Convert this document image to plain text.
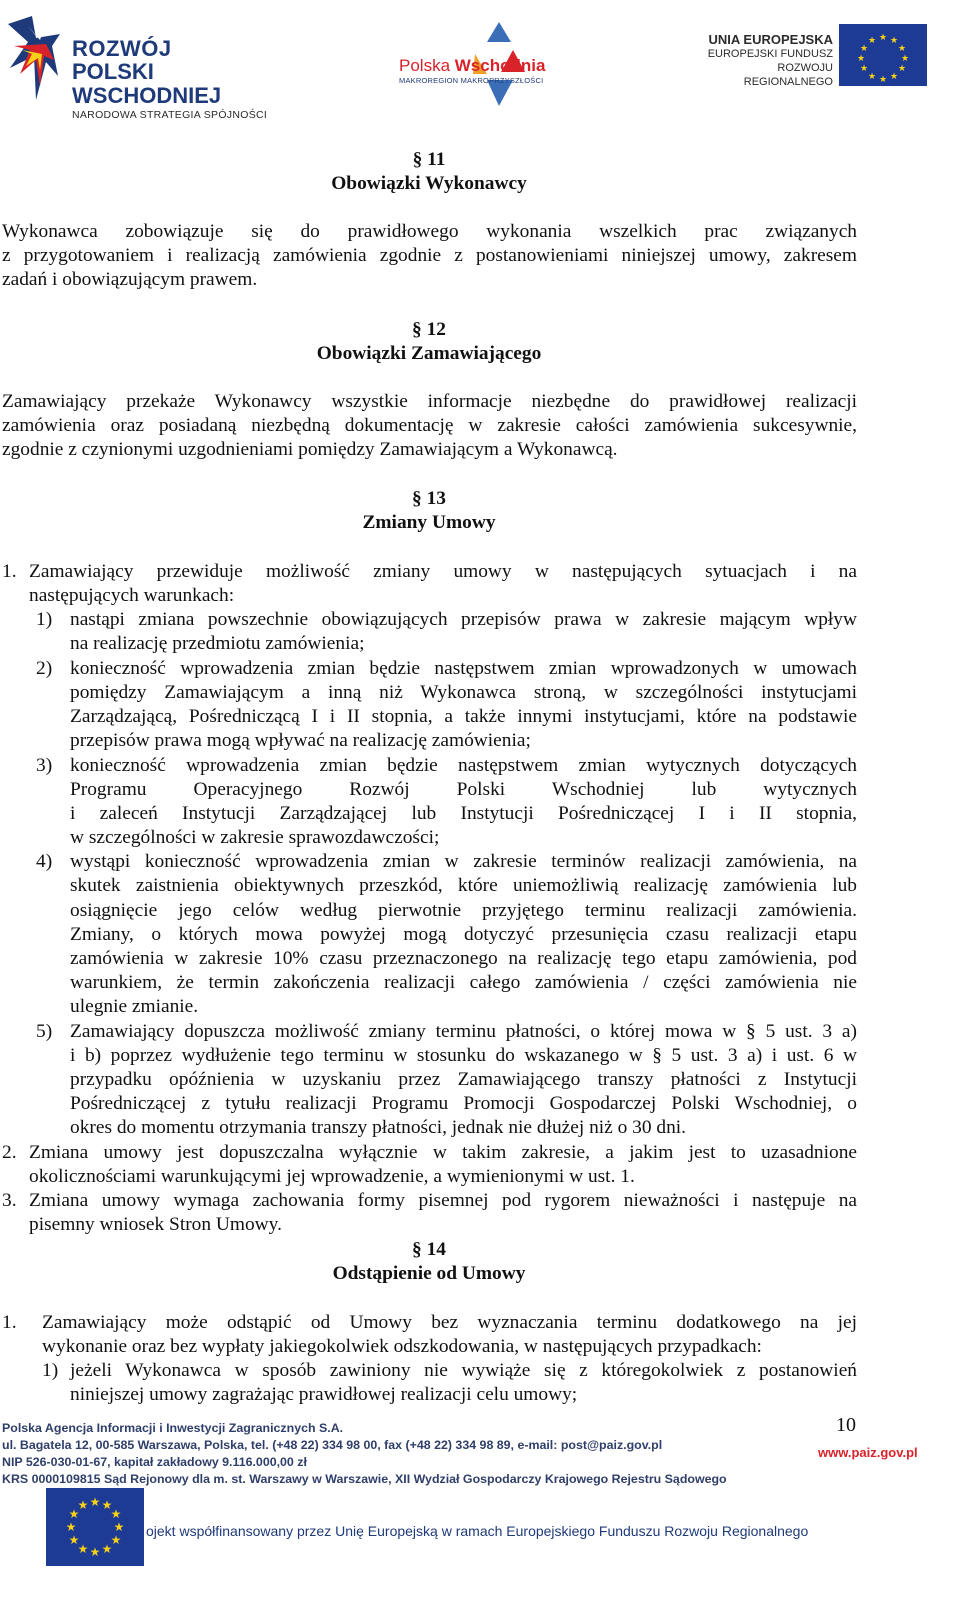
ROZWÓJ
POLSKI WSCHODNIEJ
NARODOWA STRATEGIA SPÓJNOŚCI
Polska Wschodnia
MAKROREGION MAKROPRZYSZŁOŚCI
UNIA EUROPEJSKA
EUROPEJSKI FUNDUSZ
ROZWOJU REGIONALNEGO
★ ★
★
★
★
★
★
★
★
★
★
★
§ 11
Obowiązki Wykonawcy
Wykonawca zobowiązuje się do prawidłowego wykonania wszelkich prac związanych
z przygotowaniem i realizacją zamówienia zgodnie z postanowieniami niniejszej umowy, zakresem
zadań i obowiązującym prawem.
§ 12
Obowiązki Zamawiającego
Zamawiający przekaże Wykonawcy wszystkie informacje niezbędne do prawidłowej realizacji
zamówienia oraz posiadaną niezbędną dokumentację w zakresie całości zamówienia sukcesywnie,
zgodnie z czynionymi uzgodnieniami pomiędzy Zamawiającym a Wykonawcą.
§ 13
Zmiany Umowy
1. Zamawiający przewiduje możliwość zmiany umowy w następujących sytuacjach i na
następujących warunkach:
1) nastąpi zmiana powszechnie obowiązujących przepisów prawa w zakresie mającym wpływ
na realizację przedmiotu zamówienia;
2) konieczność wprowadzenia zmian będzie następstwem zmian wprowadzonych w umowach
pomiędzy Zamawiającym a inną niż Wykonawca stroną, w szczególności instytucjami
Zarządzającą, Pośredniczącą I i II stopnia, a także innymi instytucjami, które na podstawie
przepisów prawa mogą wpływać na realizację zamówienia;
3) konieczność wprowadzenia zmian będzie następstwem zmian wytycznych dotyczących
Programu Operacyjnego Rozwój Polski Wschodniej lub wytycznych
i zaleceń Instytucji Zarządzającej lub Instytucji Pośredniczącej I i II stopnia,
w szczególności w zakresie sprawozdawczości;
4) wystąpi konieczność wprowadzenia zmian w zakresie terminów realizacji zamówienia, na
skutek zaistnienia obiektywnych przeszkód, które uniemożliwią realizację zamówienia lub
osiągnięcie jego celów według pierwotnie przyjętego terminu realizacji zamówienia.
Zmiany, o których mowa powyżej mogą dotyczyć przesunięcia czasu realizacji etapu
zamówienia w zakresie 10% czasu przeznaczonego na realizację tego etapu zamówienia, pod
warunkiem, że termin zakończenia realizacji całego zamówienia / części zamówienia nie
ulegnie zmianie.
5) Zamawiający dopuszcza możliwość zmiany terminu płatności, o której mowa w § 5 ust. 3 a)
i b) poprzez wydłużenie tego terminu w stosunku do wskazanego w § 5 ust. 3 a) i ust. 6 w
przypadku opóźnienia w uzyskaniu przez Zamawiającego transzy płatności z Instytucji
Pośredniczącej z tytułu realizacji Programu Promocji Gospodarczej Polski Wschodniej, o
okres do momentu otrzymania transzy płatności, jednak nie dłużej niż o 30 dni.
2. Zmiana umowy jest dopuszczalna wyłącznie w takim zakresie, a jakim jest to uzasadnione
okolicznościami warunkującymi jej wprowadzenie, a wymienionymi w ust. 1.
3. Zmiana umowy wymaga zachowania formy pisemnej pod rygorem nieważności i następuje na
pisemny wniosek Stron Umowy.
§ 14
Odstąpienie od Umowy
1. Zamawiający może odstąpić od Umowy bez wyznaczania terminu dodatkowego na jej
wykonanie oraz bez wypłaty jakiegokolwiek odszkodowania, w następujących przypadkach:
1) jeżeli Wykonawca w sposób zawiniony nie wywiąże się z któregokolwiek z postanowień
niniejszej umowy zagrażając prawidłowej realizacji celu umowy;
10
Polska Agencja Informacji i Inwestycji Zagranicznych S.A.
ul. Bagatela 12, 00-585 Warszawa, Polska, tel. (+48 22) 334 98 00, fax (+48 22) 334 98 89, e-mail: post@paiz.gov.pl
NIP 526-030-01-67, kapitał zakładowy 9.116.000,00 zł
KRS 0000109815 Sąd Rejonowy dla m. st. Warszawy w Warszawie, XII Wydział Gospodarczy Krajowego Rejestru Sądowego
www.paiz.gov.pl
★ ★
★
★
★
★
★
★
★
★
★
★
ojekt współfinansowany przez Unię Europejską w ramach Europejskiego Funduszu Rozwoju Regionalnego
